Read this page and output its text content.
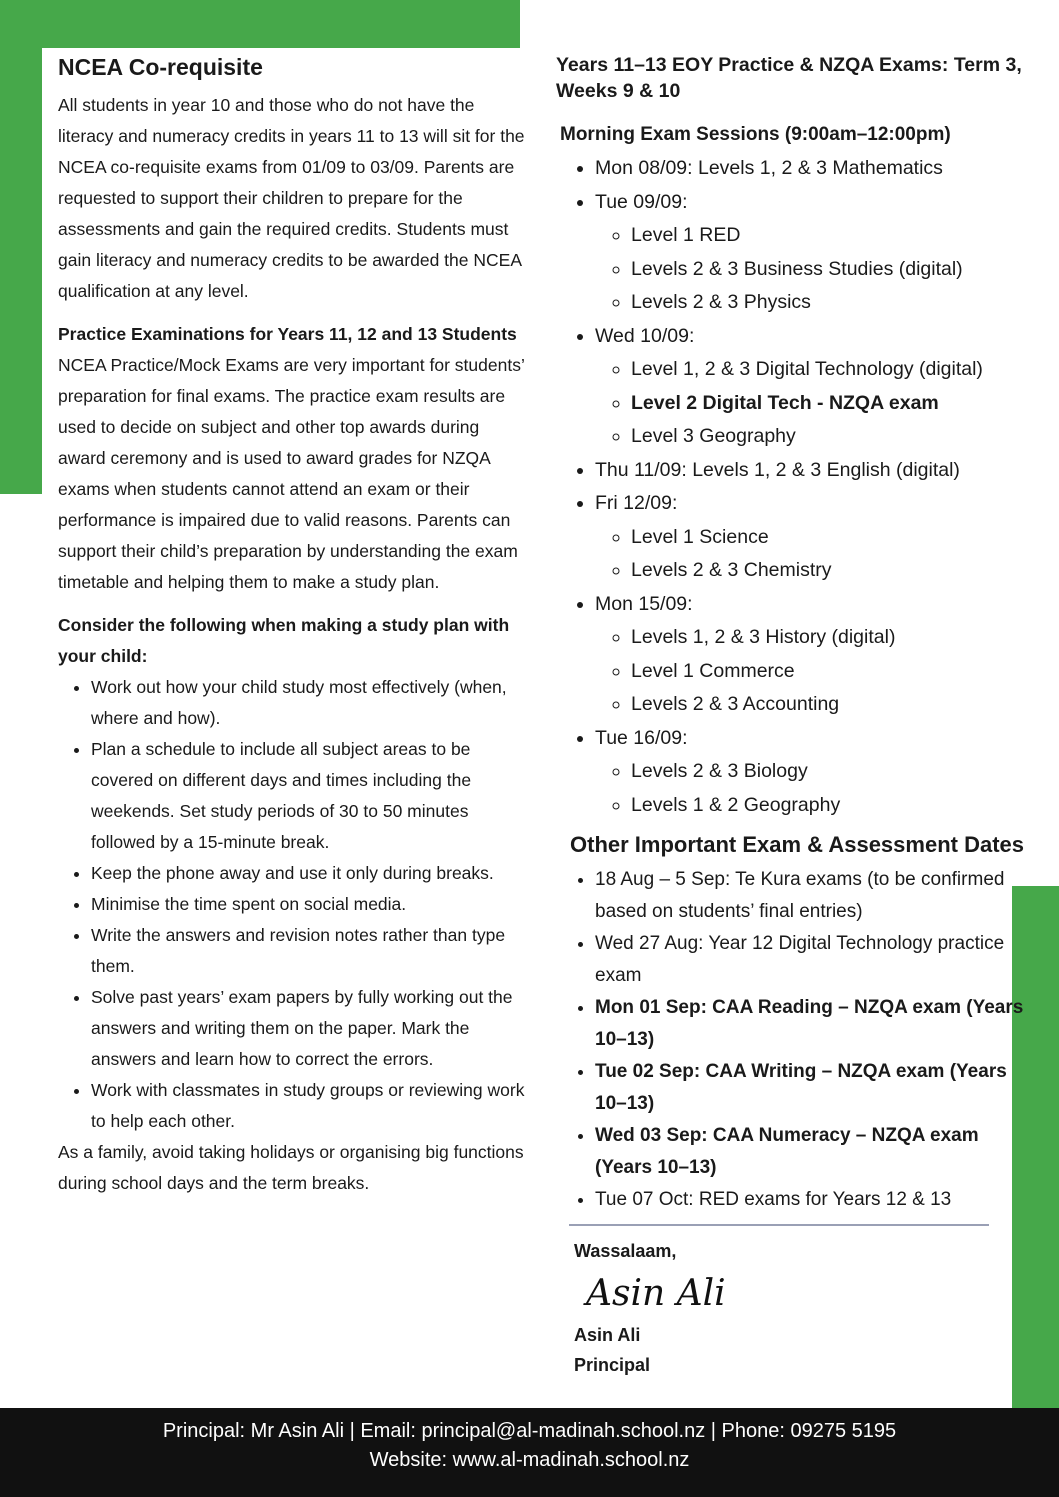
NCEA Co-requisite

All students in year 10 and those who do not have the literacy and numeracy credits in years 11 to 13 will sit for the NCEA co-requisite exams from 01/09 to 03/09. Parents are requested to support their children to prepare for the assessments and gain the required credits. Students must gain literacy and numeracy credits to be awarded the NCEA qualification at any level.

Practice Examinations for Years 11, 12 and 13 Students

NCEA Practice/Mock Exams are very important for students’ preparation for final exams. The practice exam results are used to decide on subject and other top awards during award ceremony and is used to award grades for NZQA exams when students cannot attend an exam or their performance is impaired due to valid reasons. Parents can support their child’s preparation by understanding the exam timetable and helping them to make a study plan.

Consider the following when making a study plan with your child:
• Work out how your child study most effectively (when, where and how).
• Plan a schedule to include all subject areas to be covered on different days and times including the weekends. Set study periods of 30 to 50 minutes followed by a 15-minute break.
• Keep the phone away and use it only during breaks.
• Minimise the time spent on social media.
• Write the answers and revision notes rather than type them.
• Solve past years’ exam papers by fully working out the answers and writing them on the paper. Mark the answers and learn how to correct the errors.
• Work with classmates in study groups or reviewing work to help each other.

As a family, avoid taking holidays or organising big functions during school days and the term breaks.

Years 11–13 EOY Practice & NZQA Exams: Term 3, Weeks 9 & 10
Morning Exam Sessions (9:00am–12:00pm)
• Mon 08/09: Levels 1, 2 & 3 Mathematics
• Tue 09/09:
◦ Level 1 RED
◦ Levels 2 & 3 Business Studies (digital)
◦ Levels 2 & 3 Physics
• Wed 10/09:
◦ Level 1, 2 & 3 Digital Technology (digital)
◦ Level 2 Digital Tech - NZQA exam
◦ Level 3 Geography
• Thu 11/09: Levels 1, 2 & 3 English (digital)
• Fri 12/09:
◦ Level 1 Science
◦ Levels 2 & 3 Chemistry
• Mon 15/09:
◦ Levels 1, 2 & 3 History (digital)
◦ Level 1 Commerce
◦ Levels 2 & 3 Accounting
• Tue 16/09:
◦ Levels 2 & 3 Biology
◦ Levels 1 & 2 Geography
Other Important Exam & Assessment Dates
• 18 Aug – 5 Sep: Te Kura exams (to be confirmed based on students’ final entries)
• Wed 27 Aug: Year 12 Digital Technology practice exam
• Mon 01 Sep: CAA Reading – NZQA exam (Years 10–13)
• Tue 02 Sep: CAA Writing – NZQA exam (Years 10–13)
• Wed 03 Sep: CAA Numeracy – NZQA exam (Years 10–13)
• Tue 07 Oct: RED exams for Years 12 & 13
Wassalaam,
Asin Ali
Asin Ali
Principal
Principal: Mr Asin Ali | Email: principal@al-madinah.school.nz | Phone: 09275 5195
Website: www.al-madinah.school.nz
